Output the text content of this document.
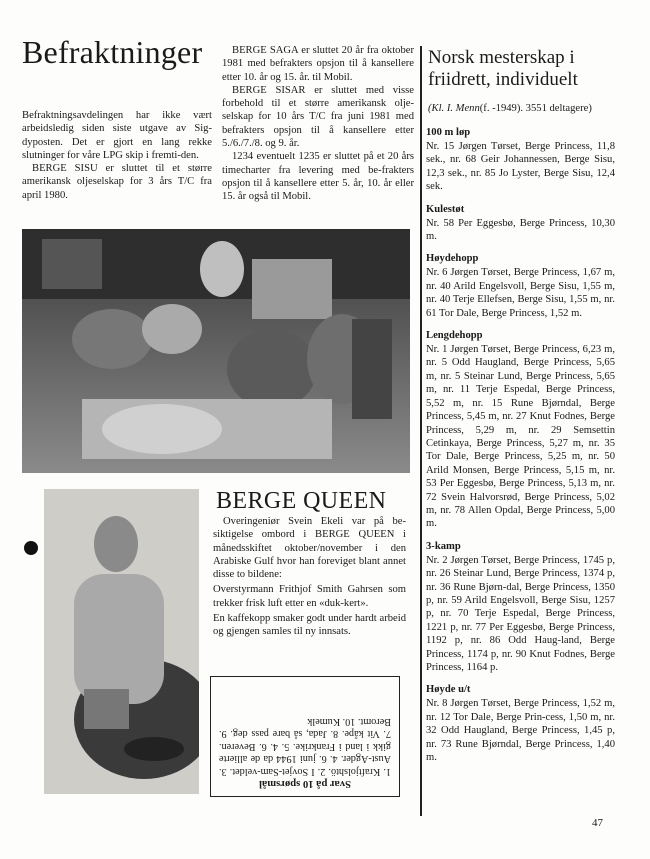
Befraktninger

Befraktningsavdelingen har ikke vært arbeidsledig siden siste utgave av Sig-dyposten. Det er gjort en lang rekke slutninger for våre LPG skip i fremti-den.

BERGE SISU er sluttet til et større amerikansk oljeselskap for 3 års T/C fra april 1980.

BERGE SAGA er sluttet 20 år fra oktober 1981 med befrakters opsjon til å kansellere etter 10. år og 15. år. til Mobil.

BERGE SISAR er sluttet med visse forbehold til et større amerikansk olje-selskap for 10 års T/C fra juni 1981 med befrakters opsjon til å kansellere etter 5./6./7./8. og 9. år.

1234 eventuelt 1235 er sluttet på et 20 års timecharter fra levering med be-frakters opsjon til å kansellere etter 5. år, 10. år eller 15. år også til Mobil.

BERGE QUEEN

Overingeniør Svein Ekeli var på be-siktigelse ombord i BERGE QUEEN i månedsskiftet oktober/november i den Arabiske Gulf hvor han foreviget blant annet disse to bildene:

Overstyrmann Frithjof Smith Gahrsen som trekker frisk luft etter en «duk-kert».

En kaffekopp smaker godt under hardt arbeid og gjengen samles til ny innsats.

Svar på 10 spørsmål
1. Kraftjolshtö. 2. I Sovjet-Sam-veldet. 3. Aust-Agder. 4. 6. juni 1944 da de allierte gikk i land i Frankrike. 5. 4. 6. Beveren. 7. Vit kåpe. 8. Jada, så bare pass deg. 9. Beromt. 10. Kumelk
Norsk mesterskap i friidrett, individuelt
(Kl. I. Menn(f. -1949). 3551 deltagere)
100 m løp
Nr. 15 Jørgen Tørset, Berge Princess, 11,8 sek., nr. 68 Geir Johannessen, Berge Sisu, 12,3 sek., nr. 85 Jo Lyster, Berge Sisu, 12,4 sek.
Kulestøt
Nr. 58 Per Eggesbø, Berge Princess, 10,30 m.
Høydehopp
Nr. 6 Jørgen Tørset, Berge Princess, 1,67 m, nr. 40 Arild Engelsvoll, Berge Sisu, 1,55 m, nr. 40 Terje Ellefsen, Berge Sisu, 1,55 m, nr. 61 Tor Dale, Berge Princess, 1,52 m.
Lengdehopp
Nr. 1 Jørgen Tørset, Berge Princess, 6,23 m, nr. 5 Odd Haugland, Berge Princess, 5,65 m, nr. 5 Steinar Lund, Berge Princess, 5,65 m, nr. 11 Terje Espedal, Berge Princess, 5,52 m, nr. 15 Rune Bjørndal, Berge Princess, 5,45 m, nr. 27 Knut Fodnes, Berge Princess, 5,29 m, nr. 29 Semsettin Cetinkaya, Berge Princess, 5,27 m, nr. 35 Tor Dale, Berge Princess, 5,25 m, nr. 50 Arild Monsen, Berge Princess, 5,15 m, nr. 53 Per Eggesbø, Berge Princess, 5,13 m, nr. 72 Svein Halvorsrød, Berge Princess, 5,02 m, nr. 78 Allen Opdal, Berge Princess, 5,00 m.
3-kamp
Nr. 2 Jørgen Tørset, Berge Princess, 1745 p, nr. 26 Steinar Lund, Berge Princess, 1374 p, nr. 36 Rune Bjørn-dal, Berge Princess, 1350 p, nr. 59 Arild Engelsvoll, Berge Sisu, 1257 p, nr. 70 Terje Espedal, Berge Princess, 1221 p, nr. 77 Per Eggesbø, Berge Princess, 1192 p, nr. 86 Odd Haug-land, Berge Princess, 1174 p, nr. 90 Knut Fodnes, Berge Princess, 1164 p.
Høyde u/t
Nr. 8 Jørgen Tørset, Berge Princess, 1,52 m, nr. 12 Tor Dale, Berge Prin-cess, 1,50 m, nr. 32 Odd Haugland, Berge Princess, 1,45 p, nr. 73 Rune Bjørndal, Berge Princess, 1,40 m.
47
